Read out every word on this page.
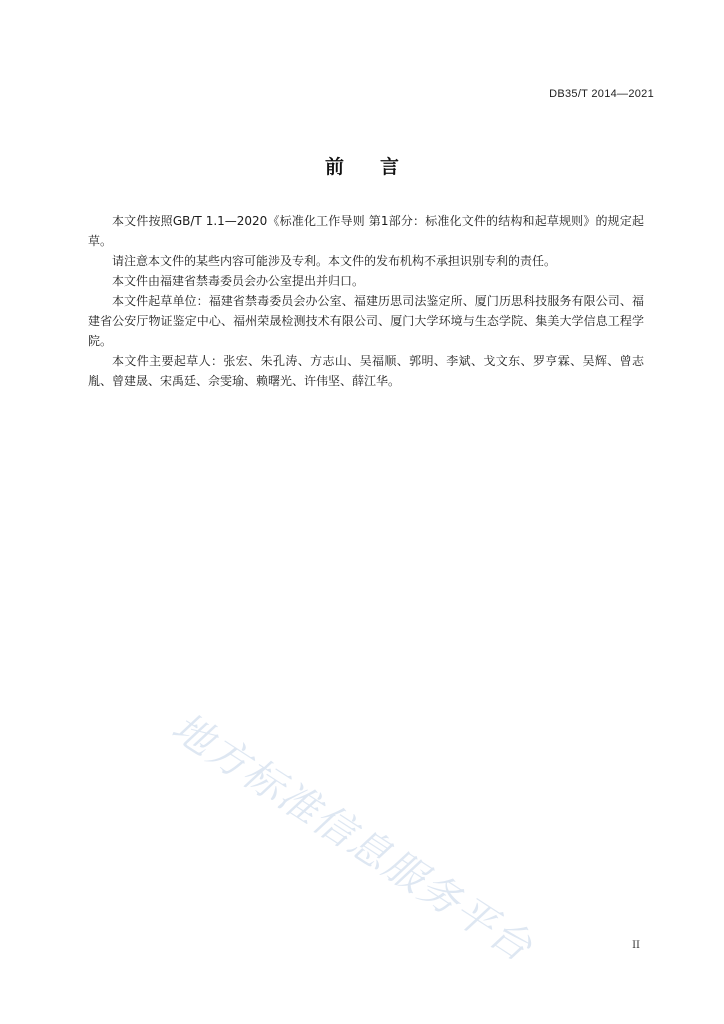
DB35/T 2014—2021
前言

本文件按照GB/T 1.1—2020《标准化工作导则 第1部分：标准化文件的结构和起草规则》的规定起草。

请注意本文件的某些内容可能涉及专利。本文件的发布机构不承担识别专利的责任。

本文件由福建省禁毒委员会办公室提出并归口。

本文件起草单位：福建省禁毒委员会办公室、福建历思司法鉴定所、厦门历思科技服务有限公司、福建省公安厅物证鉴定中心、福州荣晟检测技术有限公司、厦门大学环境与生态学院、集美大学信息工程学院。

本文件主要起草人：张宏、朱孔涛、方志山、吴福顺、郭明、李斌、戈文东、罗亨霖、吴辉、曾志胤、曾建晟、宋禹廷、佘雯瑜、赖曙光、许伟坚、薛江华。

地方标准信息服务平台	II
